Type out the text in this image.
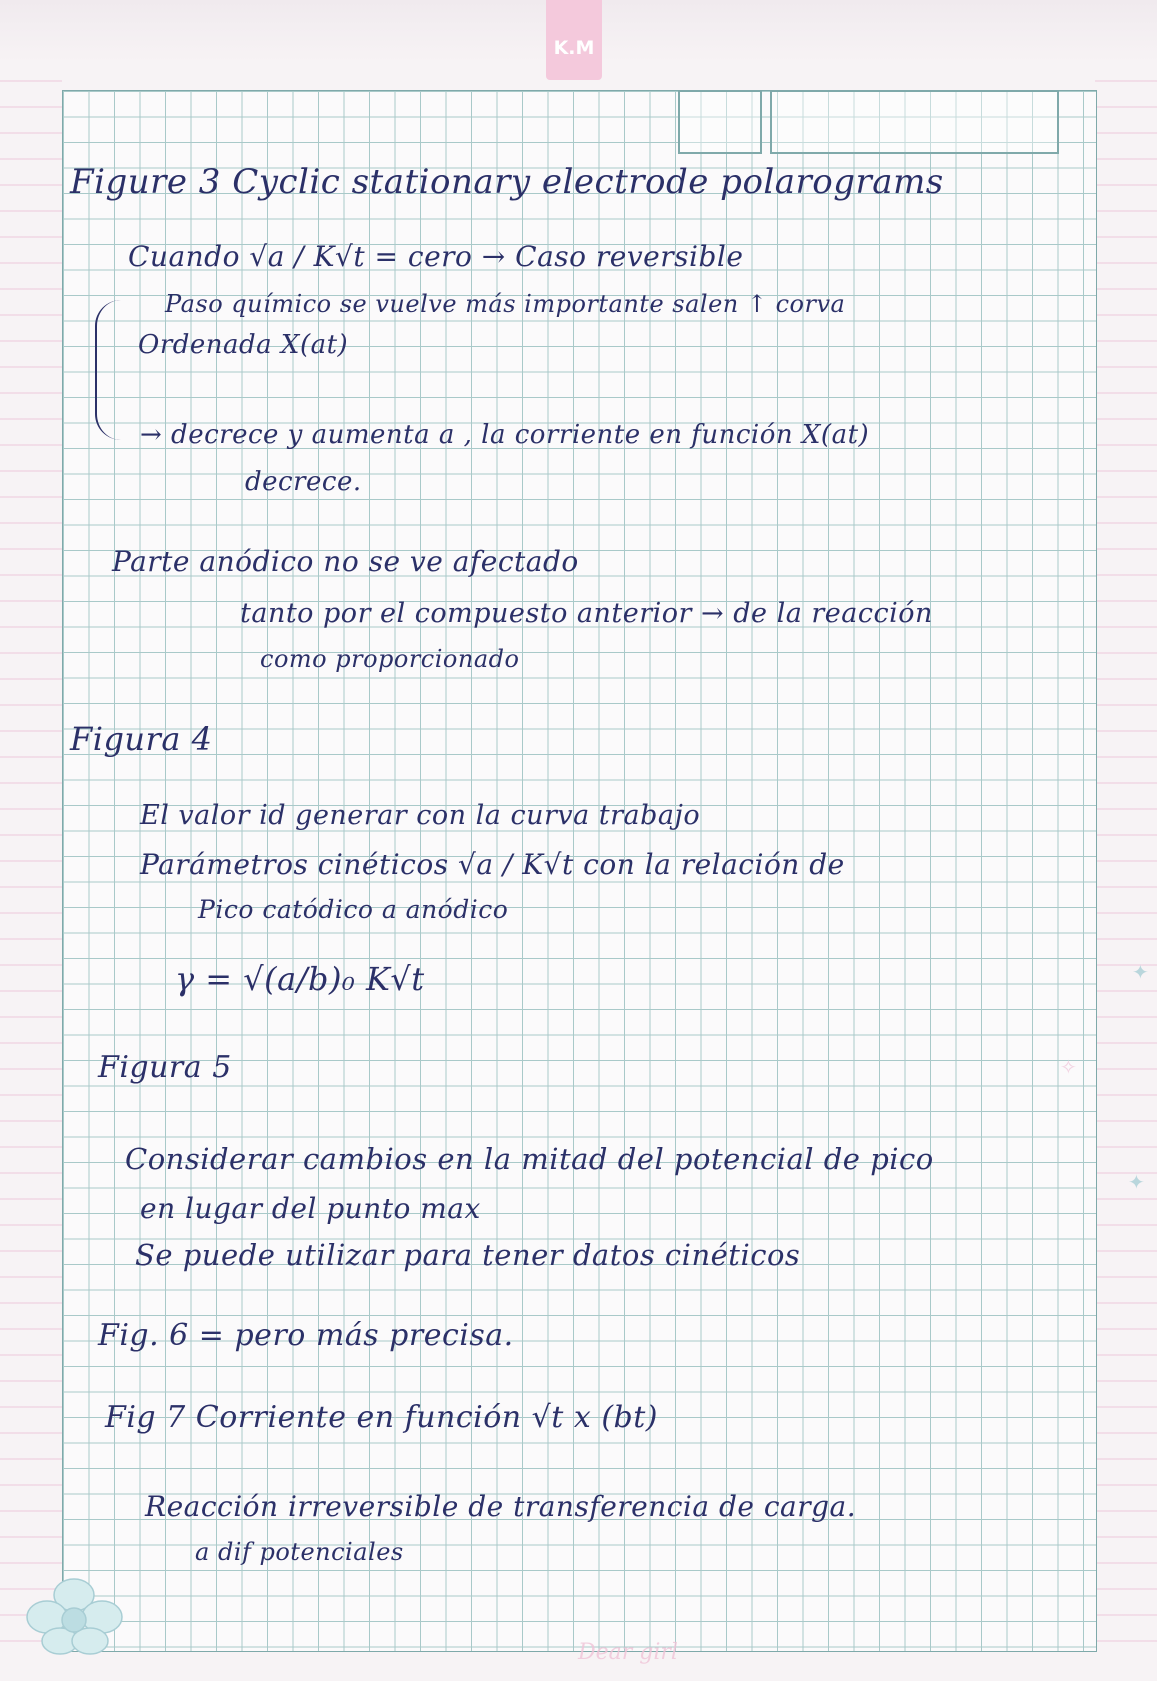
K.M
Figure 3 Cyclic stationary electrode polarograms
Cuando √a / K√t = cero → Caso reversible
Paso químico se vuelve más importante salen ↑ corva
Ordenada X(at)
→ decrece y aumenta a , la corriente en función X(at)
decrece.
Parte anódico no se ve afectado
tanto por el compuesto anterior → de la reacción
como proporcionado
Figura 4
El valor id generar con la curva trabajo
Parámetros cinéticos √a / K√t con la relación de
Pico catódico a anódico
γ = √(a/b)₀ K√t
Figura 5
Considerar cambios en la mitad del potencial de pico
en lugar del punto max
Se puede utilizar para tener datos cinéticos
Fig. 6 = pero más precisa.
Fig 7 Corriente en función √t x (bt)
Reacción irreversible de transferencia de carga.
a dif potenciales
✦
✦
✧
Dear girl
